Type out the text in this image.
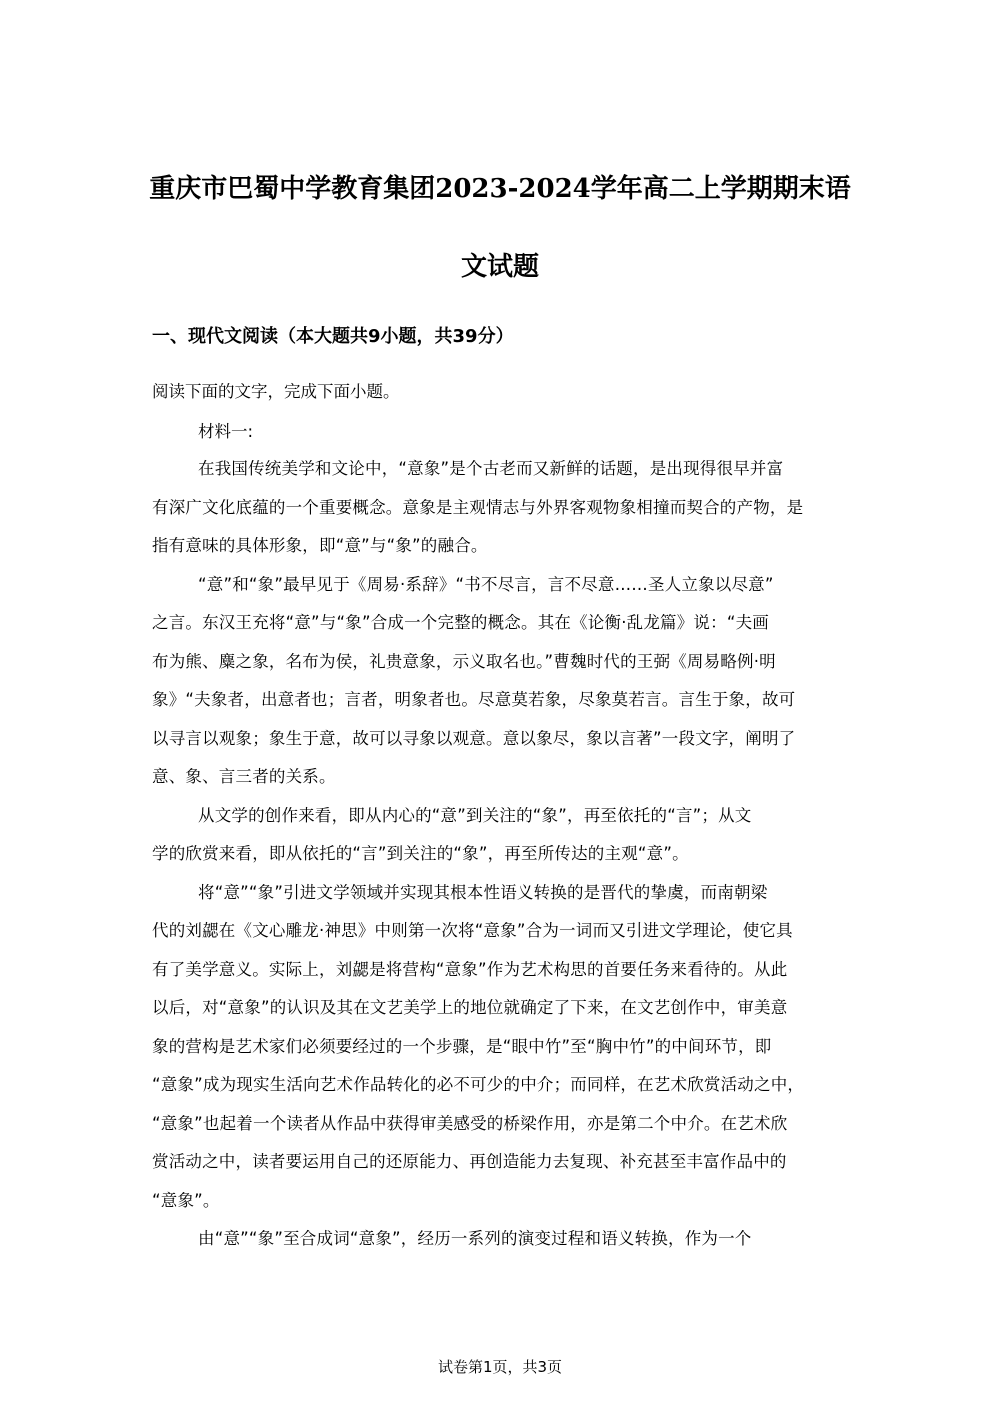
重庆市巴蜀中学教育集团2023-2024学年高二上学期期末语
文试题
一、现代文阅读（本大题共9小题，共39分）
阅读下面的文字，完成下面小题。
材料一:
在我国传统美学和文论中，“意象”是个古老而又新鲜的话题，是出现得很早并富
有深广文化底蕴的一个重要概念。意象是主观情志与外界客观物象相撞而契合的产物，是
指有意味的具体形象，即“意”与“象”的融合。
“意”和“象”最早见于《周易·系辞》“书不尽言，言不尽意……圣人立象以尽意”
之言。东汉王充将“意”与“象”合成一个完整的概念。其在《论衡·乱龙篇》说：“夫画
布为熊、麋之象，名布为侯，礼贵意象，示义取名也。”曹魏时代的王弼《周易略例·明
象》“夫象者，出意者也；言者，明象者也。尽意莫若象，尽象莫若言。言生于象，故可
以寻言以观象；象生于意，故可以寻象以观意。意以象尽，象以言著”一段文字，阐明了
意、象、言三者的关系。
从文学的创作来看，即从内心的“意”到关注的“象”，再至依托的“言”；从文
学的欣赏来看，即从依托的“言”到关注的“象”，再至所传达的主观“意”。
将“意”“象”引进文学领域并实现其根本性语义转换的是晋代的挚虞，而南朝梁
代的刘勰在《文心雕龙·神思》中则第一次将“意象”合为一词而又引进文学理论，使它具
有了美学意义。实际上，刘勰是将营构“意象”作为艺术构思的首要任务来看待的。从此
以后，对“意象”的认识及其在文艺美学上的地位就确定了下来，在文艺创作中，审美意
象的营构是艺术家们必须要经过的一个步骤，是“眼中竹”至“胸中竹”的中间环节，即
“意象”成为现实生活向艺术作品转化的必不可少的中介；而同样，在艺术欣赏活动之中，
“意象”也起着一个读者从作品中获得审美感受的桥梁作用，亦是第二个中介。在艺术欣
赏活动之中，读者要运用自己的还原能力、再创造能力去复现、补充甚至丰富作品中的
“意象”。
由“意”“象”至合成词“意象”，经历一系列的演变过程和语义转换，作为一个
试卷第1页，共3页
